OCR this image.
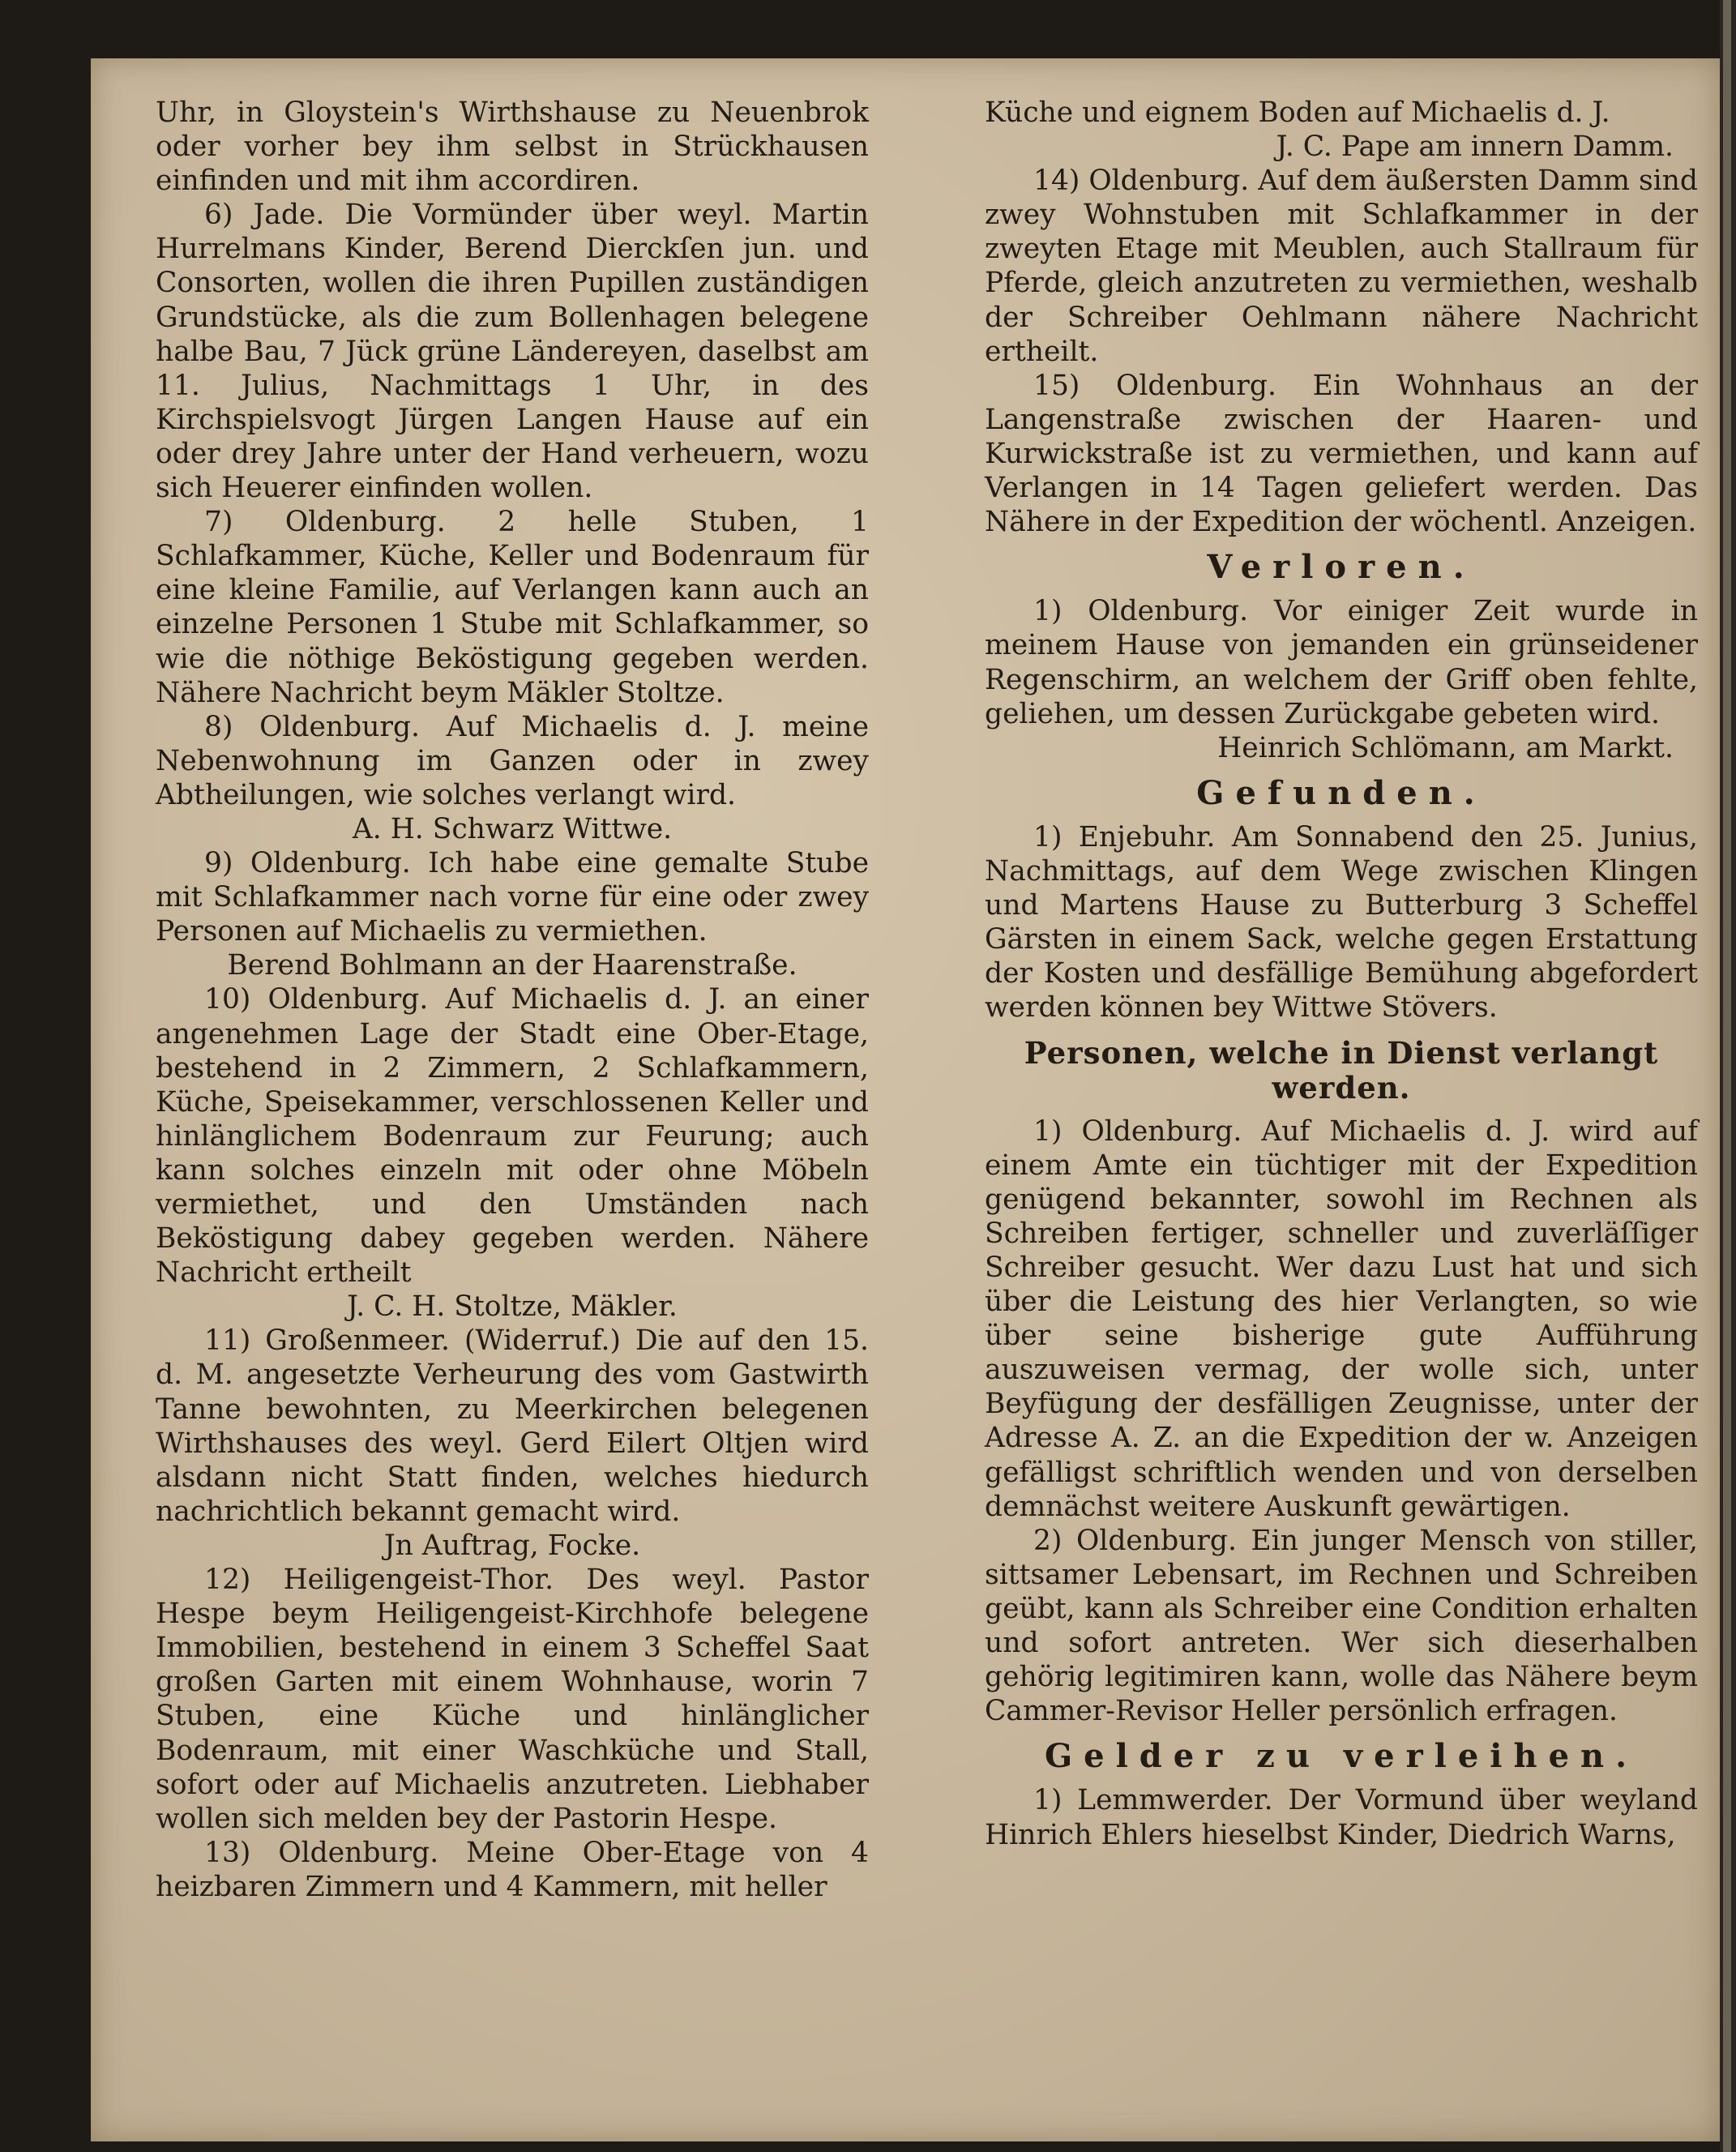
Uhr, in Gloystein's Wirthshause zu Neuenbrok oder vorher bey ihm selbst in Strückhausen einfinden und mit ihm accordiren.

6) Jade. Die Vormünder über weyl. Martin Hurrelmans Kinder, Berend Dierckſen jun. und Consorten, wollen die ihren Pupillen zuständigen Grundstücke, als die zum Bollenhagen belegene halbe Bau, 7 Jück grüne Ländereyen, daselbst am 11. Julius, Nachmittags 1 Uhr, in des Kirchspielsvogt Jürgen Langen Hause auf ein oder drey Jahre unter der Hand verheuern, wozu sich Heuerer einfinden wollen.

7) Oldenburg. 2 helle Stuben, 1 Schlafkammer, Küche, Keller und Bodenraum für eine kleine Familie, auf Verlangen kann auch an einzelne Personen 1 Stube mit Schlafkammer, so wie die nöthige Beköstigung gegeben werden. Nähere Nachricht beym Mäkler Stoltze.

8) Oldenburg. Auf Michaelis d. J. meine Nebenwohnung im Ganzen oder in zwey Abtheilungen, wie solches verlangt wird.

A. H. Schwarz Wittwe.

9) Oldenburg. Ich habe eine gemalte Stube mit Schlafkammer nach vorne für eine oder zwey Personen auf Michaelis zu vermiethen.

Berend Bohlmann an der Haarenstraße.

10) Oldenburg. Auf Michaelis d. J. an einer angenehmen Lage der Stadt eine Ober-Etage, bestehend in 2 Zimmern, 2 Schlafkammern, Küche, Speisekammer, verschlossenen Keller und hinlänglichem Bodenraum zur Feurung; auch kann solches einzeln mit oder ohne Möbeln vermiethet, und den Umständen nach Beköstigung dabey gegeben werden. Nähere Nachricht ertheilt

J. C. H. Stoltze, Mäkler.

11) Großenmeer. (Widerruf.) Die auf den 15. d. M. angesetzte Verheurung des vom Gastwirth Tanne bewohnten, zu Meerkirchen belegenen Wirthshauses des weyl. Gerd Eilert Oltjen wird alsdann nicht Statt finden, welches hiedurch nachrichtlich bekannt gemacht wird.

Jn Auftrag, Focke.

12) Heiligengeist-Thor. Des weyl. Pastor Hespe beym Heiligengeist-Kirchhofe belegene Immobilien, bestehend in einem 3 Scheffel Saat großen Garten mit einem Wohnhause, worin 7 Stuben, eine Küche und hinlänglicher Bodenraum, mit einer Waschküche und Stall, sofort oder auf Michaelis anzutreten. Liebhaber wollen sich melden bey der Pastorin Hespe.

13) Oldenburg. Meine Ober-Etage von 4 heizbaren Zimmern und 4 Kammern, mit heller

Küche und eignem Boden auf Michaelis d. J.

J. C. Pape am innern Damm.

14) Oldenburg. Auf dem äußersten Damm sind zwey Wohnstuben mit Schlafkammer in der zweyten Etage mit Meublen, auch Stallraum für Pferde, gleich anzutreten zu vermiethen, weshalb der Schreiber Oehlmann nähere Nachricht ertheilt.

15) Oldenburg. Ein Wohnhaus an der Langenstraße zwischen der Haaren- und Kurwickstraße ist zu vermiethen, und kann auf Verlangen in 14 Tagen geliefert werden. Das Nähere in der Expedition der wöchentl. Anzeigen.

Verloren.

1) Oldenburg. Vor einiger Zeit wurde in meinem Hause von jemanden ein grünseidener Regenschirm, an welchem der Griff oben fehlte, geliehen, um dessen Zurückgabe gebeten wird.

Heinrich Schlömann, am Markt.

Gefunden.

1) Enjebuhr. Am Sonnabend den 25. Junius, Nachmittags, auf dem Wege zwischen Klingen und Martens Hause zu Butterburg 3 Scheffel Gärsten in einem Sack, welche gegen Erstattung der Kosten und desfällige Bemühung abgefordert werden können bey Wittwe Stövers.

Personen, welche in Dienst verlangt werden.

1) Oldenburg. Auf Michaelis d. J. wird auf einem Amte ein tüchtiger mit der Expedition genügend bekannter, sowohl im Rechnen als Schreiben fertiger, schneller und zuverläſſiger Schreiber gesucht. Wer dazu Lust hat und sich über die Leistung des hier Verlangten, so wie über seine bisherige gute Aufführung auszuweisen vermag, der wolle sich, unter Beyfügung der desfälligen Zeugnisse, unter der Adresse A. Z. an die Expedition der w. Anzeigen gefälligst schriftlich wenden und von derselben demnächst weitere Auskunft gewärtigen.

2) Oldenburg. Ein junger Mensch von stiller, sittsamer Lebensart, im Rechnen und Schreiben geübt, kann als Schreiber eine Condition erhalten und sofort antreten. Wer sich dieserhalben gehörig legitimiren kann, wolle das Nähere beym Cammer-Revisor Heller persönlich erfragen.

Gelder zu verleihen.

1) Lemmwerder. Der Vormund über weyland Hinrich Ehlers hieselbst Kinder, Diedrich Warns,
